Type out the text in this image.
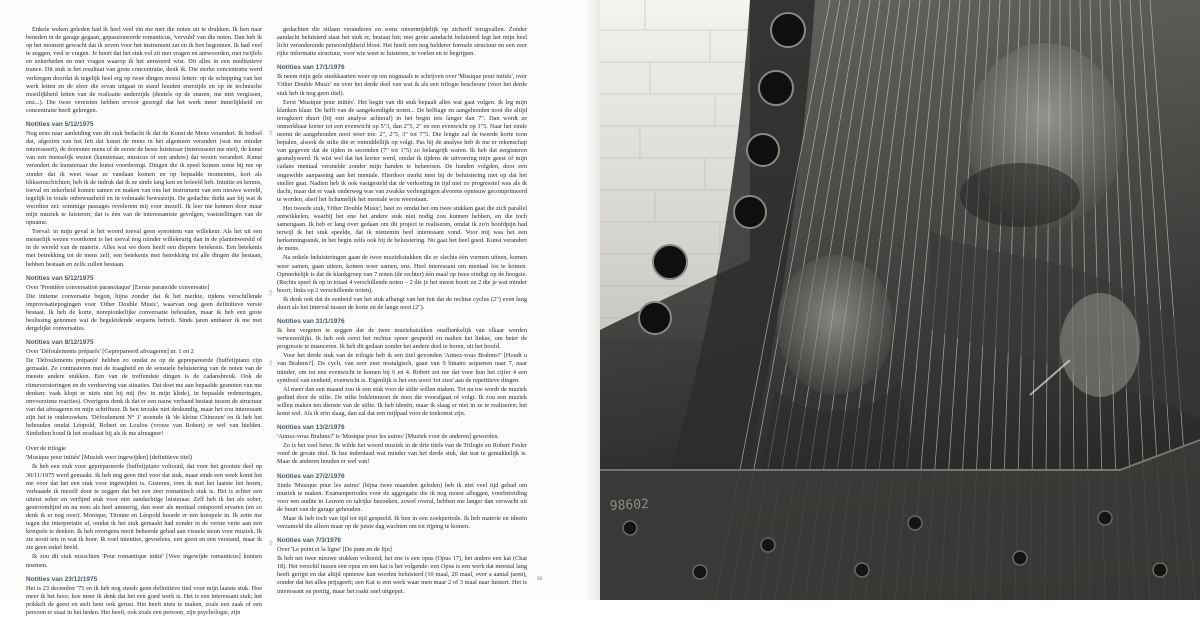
Enkele weken geleden had ik heel veel zin me met die noten uit te drukken. Ik ben naar beneden in de garage gegaan, gepassioneerde romanticus, 'vervuld' van die noten. Dan heb ik op het moment gewacht dat ik zeven voor het instrument zat en ik ben begonnen. Ik had veel te zeggen, veel te vragen. Je hoort dat het stuk vol zit met vragen en antwoorden, met twijfels en zekerheden en met vragen waarop ik het antwoord wist. Dit alles in een meditatieve trance. Dit stuk is het resultaat van grote concentratie, denk ik. Die sterke concentratie werd verkregen doordat ik tegelijk heel erg op twee dingen moest letten: op de schepping van het werk letten en de sfeer die ervan uitgaat in stand houden enerzijds en op de technische moeilijkheid letten van de realisatie anderzijds (deutels op de snaren, me niet vergissen, enz...). Die twee vereisten hebben ervoor gezorgd dat het werk meer innerlijkheid en concentratie heeft gekregen.

Notities van 5/12/1975

Nog eens naar aanleiding van dit stuk bedacht ik dat de Kunst de Mens verandert. Ik bedoel dat, afgezien van het feit dat kunst de mens in het algemeen verandert (wat me minder interesseert), de doorsnee mens of de eerste de beste luisteraar (interesseert me niet), de kunst van een menselijk wezen (kunstenaar, musicus of een andere) dat wezen verandert. Kunst verandert de kunstenaar die kunst voortbrengt. Dingen die ik speel komen soms bij me op zonder dat ik weet waar ze vandaan komen en op bepaalde momenten, kort als bliksemschichten, heb ik de indruk dat ik ze sinds lang ken en beleefd heb. Intuïtie en kennis, toeval en zekerheid komen samen en maken van ons het instrument van een nieuwe wereld, tegelijk in totale onbewustheid en in volmaakt bewustzijn. De gedachte duikt aan bij wat ik voordien zei: sommige passages revelerem mij voor mezelf. Ik leer me kennen door maar mijn muziek te luisteren; dat is één van de interessantste gevolgen, vaststellingen van de opname.

Toeval: in mijn geval is het woord toeval geen synoniem van willekeur. Als het uit een menselijk wezen voortkomt is het toeval nog minder willekeurig dan in de plantenwereld of in de wereld van de materie. Alles wat we doen heeft een diepere betekenis. Een betekenis met betrekking tot de mens zelf, een betekenis met betrekking tot alle dingen die bestaan, hebben bestaan en zelfs zullen bestaan.

Notities van 5/12/1975

Over 'Première conversation paranoïaque' [Eerste paranoïde conversatie]

Die intieme conversatie begon, bijna zonder dat ik het merkte, tijdens verschillende improvisatiepogingen voor 'Other Double Music', waarvan nog geen definitieve versie bestaat. Ik heb de korte, norepionkelijke conversatie behouden, maar ik heb een grote beslissing genomen wat de begeleidende sequens betreft. Sinds jaren ambaeer ik me met dergelijke conversaties.

Notities van 8/12/1975

Over 'Défoulements préparés' [Geprepareerd afreageren] nr. 1 en 2

De 'Défoulements préparés' hebben zo omdat ze op de geprepareerde (buffet)piano zijn gemaakt. Ze contrasteren met de traagheid en de sensuele beluistering van de noten van de meeste andere stukken. Een van de treffendste dingen is de cadansbreuk. Ook de ritmeverstoringen en de verdoeving van situaties. Dat doet me aan bepaalde gesnoten van me denken: vaak klopt er niets niet bij mij (bv. in mijn klede), in bepaalde redeneringen, onvoorziene reacties). Overigens denk ik dat er een nauw verband bestaat tussen de structuur van dat afreageren en mijn schriftuur. Ik ben terzake niet deskundig, maar het zou interessant zijn het te onderzoeken. 'Défoulement N° 1' noemde ik 'de kleine Chinezen' en ik heb het behouden omdat Léopold, Robert en Loulou (vrouw van Robert) er wel van hielden. Sindsdien houd ik het resultaat bij als ik me afreageer!

Over de trilogie

'Musique pour initiés' [Muziek voor ingewijden] (definitieve titel)

Ik heb een stuk voor geprepareerde (buffet)piano voltooid, dat voor het grootste deel op 30/11/1975 werd gemaakt. Ik heb nog geen titel voor dat stuk, maar sinds een week komt het me voor dat het een stuk voor ingewijden is. Gisteren, toen ik met het laatste liet horen, verbaasde ik mezelf door te zeggen dat het een zeer romantisch stuk is. Het is echter een uiterst sober en verfijnd stuk voor niet aandachtige luisteraar. Zelf heb ik het als sober, gestroomlijnd en nu eens als heel ammerig, dan weer als mentaal ontspoord ervaren (en zo denk ik er nog over). Monique, Titoune en Léopold hoorde er een kreupele in. Ik zette me tegen die interpretatie af, omdat ik het stuk gemaakt had zonder in de verste verte aan een kreupele te denken. Ik heb overigens nooit beheerde gehad aan visuele steun voor muziek. Ik zie nooit iets in wat ik hoor. Ik voel intenties, gevoelens, een geest en een verstand, maar ik zie geen enkel beeld.

Ik zou dit stuk misschien 'Pour romantique initié' [Voor ingewijde romanticus] kunnen noemen.

Notities van 23/12/1975

Het is 23 december '75 en ik heb nog steeds geen definitieve titel voor mijn laatste stuk. Hoe meer ik het hoor, hoe meer ik denk dat het een goed werk is. Het is een interessant stuk; het prikkelt de geest en stelt hem ook gerust. Het heeft niets te maken, zoals een zaak of een persoon er staat in het heden. Het heeft, ook zoals een persoon, zijn psychologie, zijn

gedachten die stilaan veranderen en soms onvermijdelijk op zichzelf terugvallen. Zonder aandacht beluisterd staat het stuk er, bestaat het; met grote aandacht beluisterd legt het mijn heel licht veranderende persoonlijkheid bloot. Het hoeft een nog helderer formele structuur en een zeer rijke informatie structuur, voor wie weet te luisteren, te voelen en te begrijpen.

Notities van 17/1/1976

Ik neem mijn gele steekkaarten weer op om nogmaals te schrijven over 'Musique pour initiés', over 'Other Double Music' en over het derde deel van wat ik als een trilogie beschouw (voor het derde stuk heb ik nog geen titel).

Eerst 'Musique pour initiés'. Het begin van dit stuk bepaalt alles wat gaat volgen. Ik leg mijn klanken klaar. De helft van de aangekondigde noten... De helftage en aangehouden noot die altijd terugkeert duurt (bij een analyse achteraf) in het begin iets langer dan 7". Dan wordt ze onmerkbaar korter tot een evenwicht op 5"3, dan 2"5, 2" en een evenwicht op 1"5. Naar het einde neemt de aangehouden noot weer toe: 2", 2"5, 3" tot 7"5. Die lengte zal de tweede korte toon bepalen, alsook de stilte die er onmiddellijk op volgt. Pas bij de analyse heb ik me er rekenschap van gegeven dat de tijden in seconden (7" tot 1"5) zo belangrijk waren. Ik heb dat eergisteren geanalyseerd. Ik wist wel dat het korter werd, omdat ik tijdens de uitvoering mijn geest of mijn cadans mentaal versnelde zonder mijn handen te beheersen. De handen volgden, door een ongewilde aanpassing aan het mentale. Hierdoor merkt men bij de beluistering niet op dat het sneller gaat. Nadien heb ik ook vastgesteld dat de verkorting in tijd niet zo progressief was als ik dacht, maar dat er vaak onderweg was van zwakke verlengingen alvorens opnieuw gecomprimeerd te worden, alsof het lichamelijk het mentale wou weerstaan.

Het tweede stuk, 'Other Double Music', heet zo omdat het om twee stukken gaat die zich parallel ontwikkelen, waarbij het ene het andere stuk niet nodig zou kunnen hebben, en die toch samengaan. Ik heb er lang over gedaan om dit project te realiseren, omdat ik zo'n hoofdpijn had terwijl ik het stuk speelde, dat ik niettemin heel interessant vond. Voor mij was het een herkenningsstuk, in het begin zelfs ook bij de beluistering. Nu gaat het heel goed. Kunst verandert de mens.

Na enkele beluisteringen gaan de twee muziekstukken die er slechts één vormen uiteen, komen weer samen, gaan uiteen, komen weer samen, enz. Heel interessant om mentaal los te komen. Opmerkelijk is dat de klankgroep van 7 noten (de rechter) één maal op twee eindigt op de hoogste. (Rechts speel ik op in totaal 4 verschillende noten – 2 die je het meest hoort en 2 die je wat minder hoort; links op 2 verschillende noten).

Ik denk ook dat de eenheid van het stuk afhangt van het feit dat de rechtse cyclus (2") even lang duurt als het interval tussen de korte en de lange noot (2").

Notities van 31/1/1976

Ik ben vergeten te zeggen dat de twee muziekstukken onafhankelijk van elkaar werden verwezenlijkt. Ik heb ook eerst het rechtse spoor gespeeld en nadien het linkse, om beter de progressie te nuanceren. Ik heb dit gedaan zonder het andere deel te horen, uit het hoofd.

Voor het derde stuk van de trilogie heb ik een titel gevonden 'Aimez-vous Brahms?' [Houdt u van Brahms?]. De cycli, van zeer zeer nostalgisch, gaan van 9 binaire sequenen naar 7, naar minder, om tot een evenwicht te komen bij 6 en 4. Robert zei me dat voor hun het cijfer 4 een symbool van eenheid, evenwicht is. Eigenlijk is het een soort 'tot zien' aan de repetitieve dingen.

Al meer dan een maand zou ik een stuk voor de stilte willen maken. Tot nu toe wordt de muziek gedind door de stilte. De stilte bekleinmoet de noot die voorafgaat of volgt. Ik zou een muziek willen maken ten dienste van de stilte. Ik heb ideeën, maar ik slaag er niet in ze te realiseren; het komt wel. Als ik erin slaag, dan zal dat een mijlpaal voor de toekomst zijn.

Notities van 13/2/1976

'Aimez-vous Brahms?' is 'Musique pour les autres' [Muziek voor de anderen] geworden.

Zo is het veel beter. Ik wilde het woord muziek in de drie titels van de Trilogie en Robert Fesler vond de greate titel. Ik has inderdaad wat minder van het derde stuk, dat wat te gemakkelijk is. Maar de anderen houden er wel van!

Notities van 27/2/1976

Sinds 'Musique pour les autres' (bijna twee maanden geleden) heb ik niet veel tijd gehad om muziek te maken. Examenperiodes voor de aggregatie die ik nog moest afleggen, voorbereiding voor een audite in Leuven en talrijke bezoeken, zowel overal, hebben me langer dan verwacht uit de buurt van de garage gehouden.

Maar ik heb toch van tijd tot tijd gespeeld. Ik ben in een zoekperiode. Ik heb materie en ideeën verzameld die alleen maar op de juiste dag wachten om tot rijping te komen.

Notities van 7/3/1976

Over 'Le point et la ligne' [De punt en de lijn]

Ik heb net twee nieuwe stukken voltooid; het ene is een opus (Opus 17), het andere een kat (Chat 18). Het verschil tussen een opus en een kat is het volgende: een Opus is een werk dat meestal lang heeft gerijpt en dat altijd opnieuw kan worden beluisterd (10 maal, 20 maal, over a aantal jaren), zonder dat het alles prijsgeeft; een Kat is een werk waar men maar 2 of 3 maal naar luistert. Het is interessant en prettig, maar het raakt snel uitgeput.

3|2
5|3
6|1
5|2
38
98602
